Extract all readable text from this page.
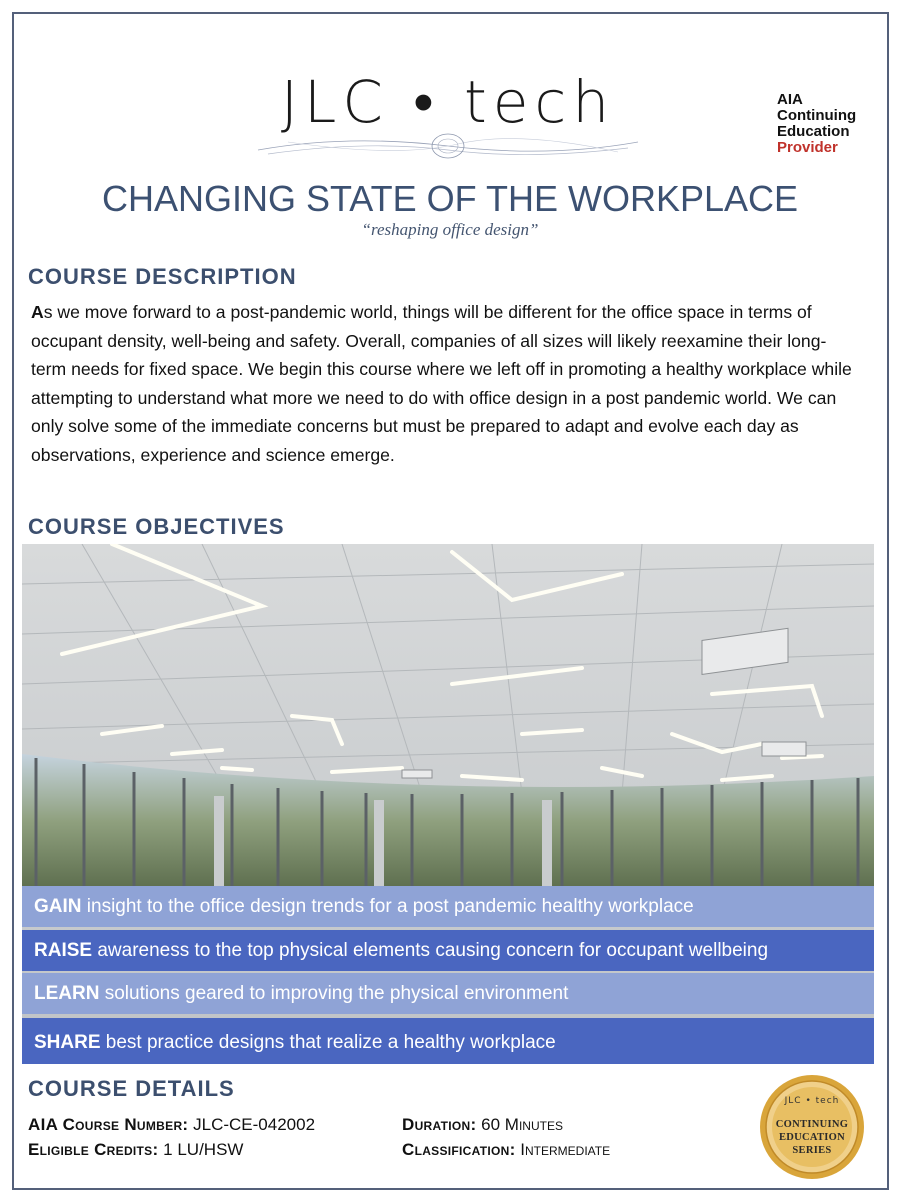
JLC • tech	AIA
Continuing
Education
Provider
CHANGING STATE OF THE WORKPLACE
“reshaping office design”
COURSE DESCRIPTION
As we move forward to a post-pandemic world, things will be different for the office space in terms of occupant density, well-being and safety. Overall, companies of all sizes will likely reexamine their long-term needs for fixed space. We begin this course where we left off in promoting a healthy workplace while attempting to understand what more we need to do with office design in a post pandemic world. We can only solve some of the immediate concerns but must be prepared to adapt and evolve each day as observations, experience and science emerge.
COURSE OBJECTIVES
GAIN insight to the office design trends for a post pandemic healthy workplace
RAISE awareness to the top physical elements causing concern for occupant wellbeing
LEARN solutions geared to improving the physical environment
SHARE best practice designs that realize a healthy workplace
COURSE DETAILS
AIA Course Number: JLC-CE-042002
Eligible Credits: 1 LU/HSW
Duration: 60 Minutes
Classification: Intermediate
JLC • tech
CONTINUING
EDUCATION
SERIES
